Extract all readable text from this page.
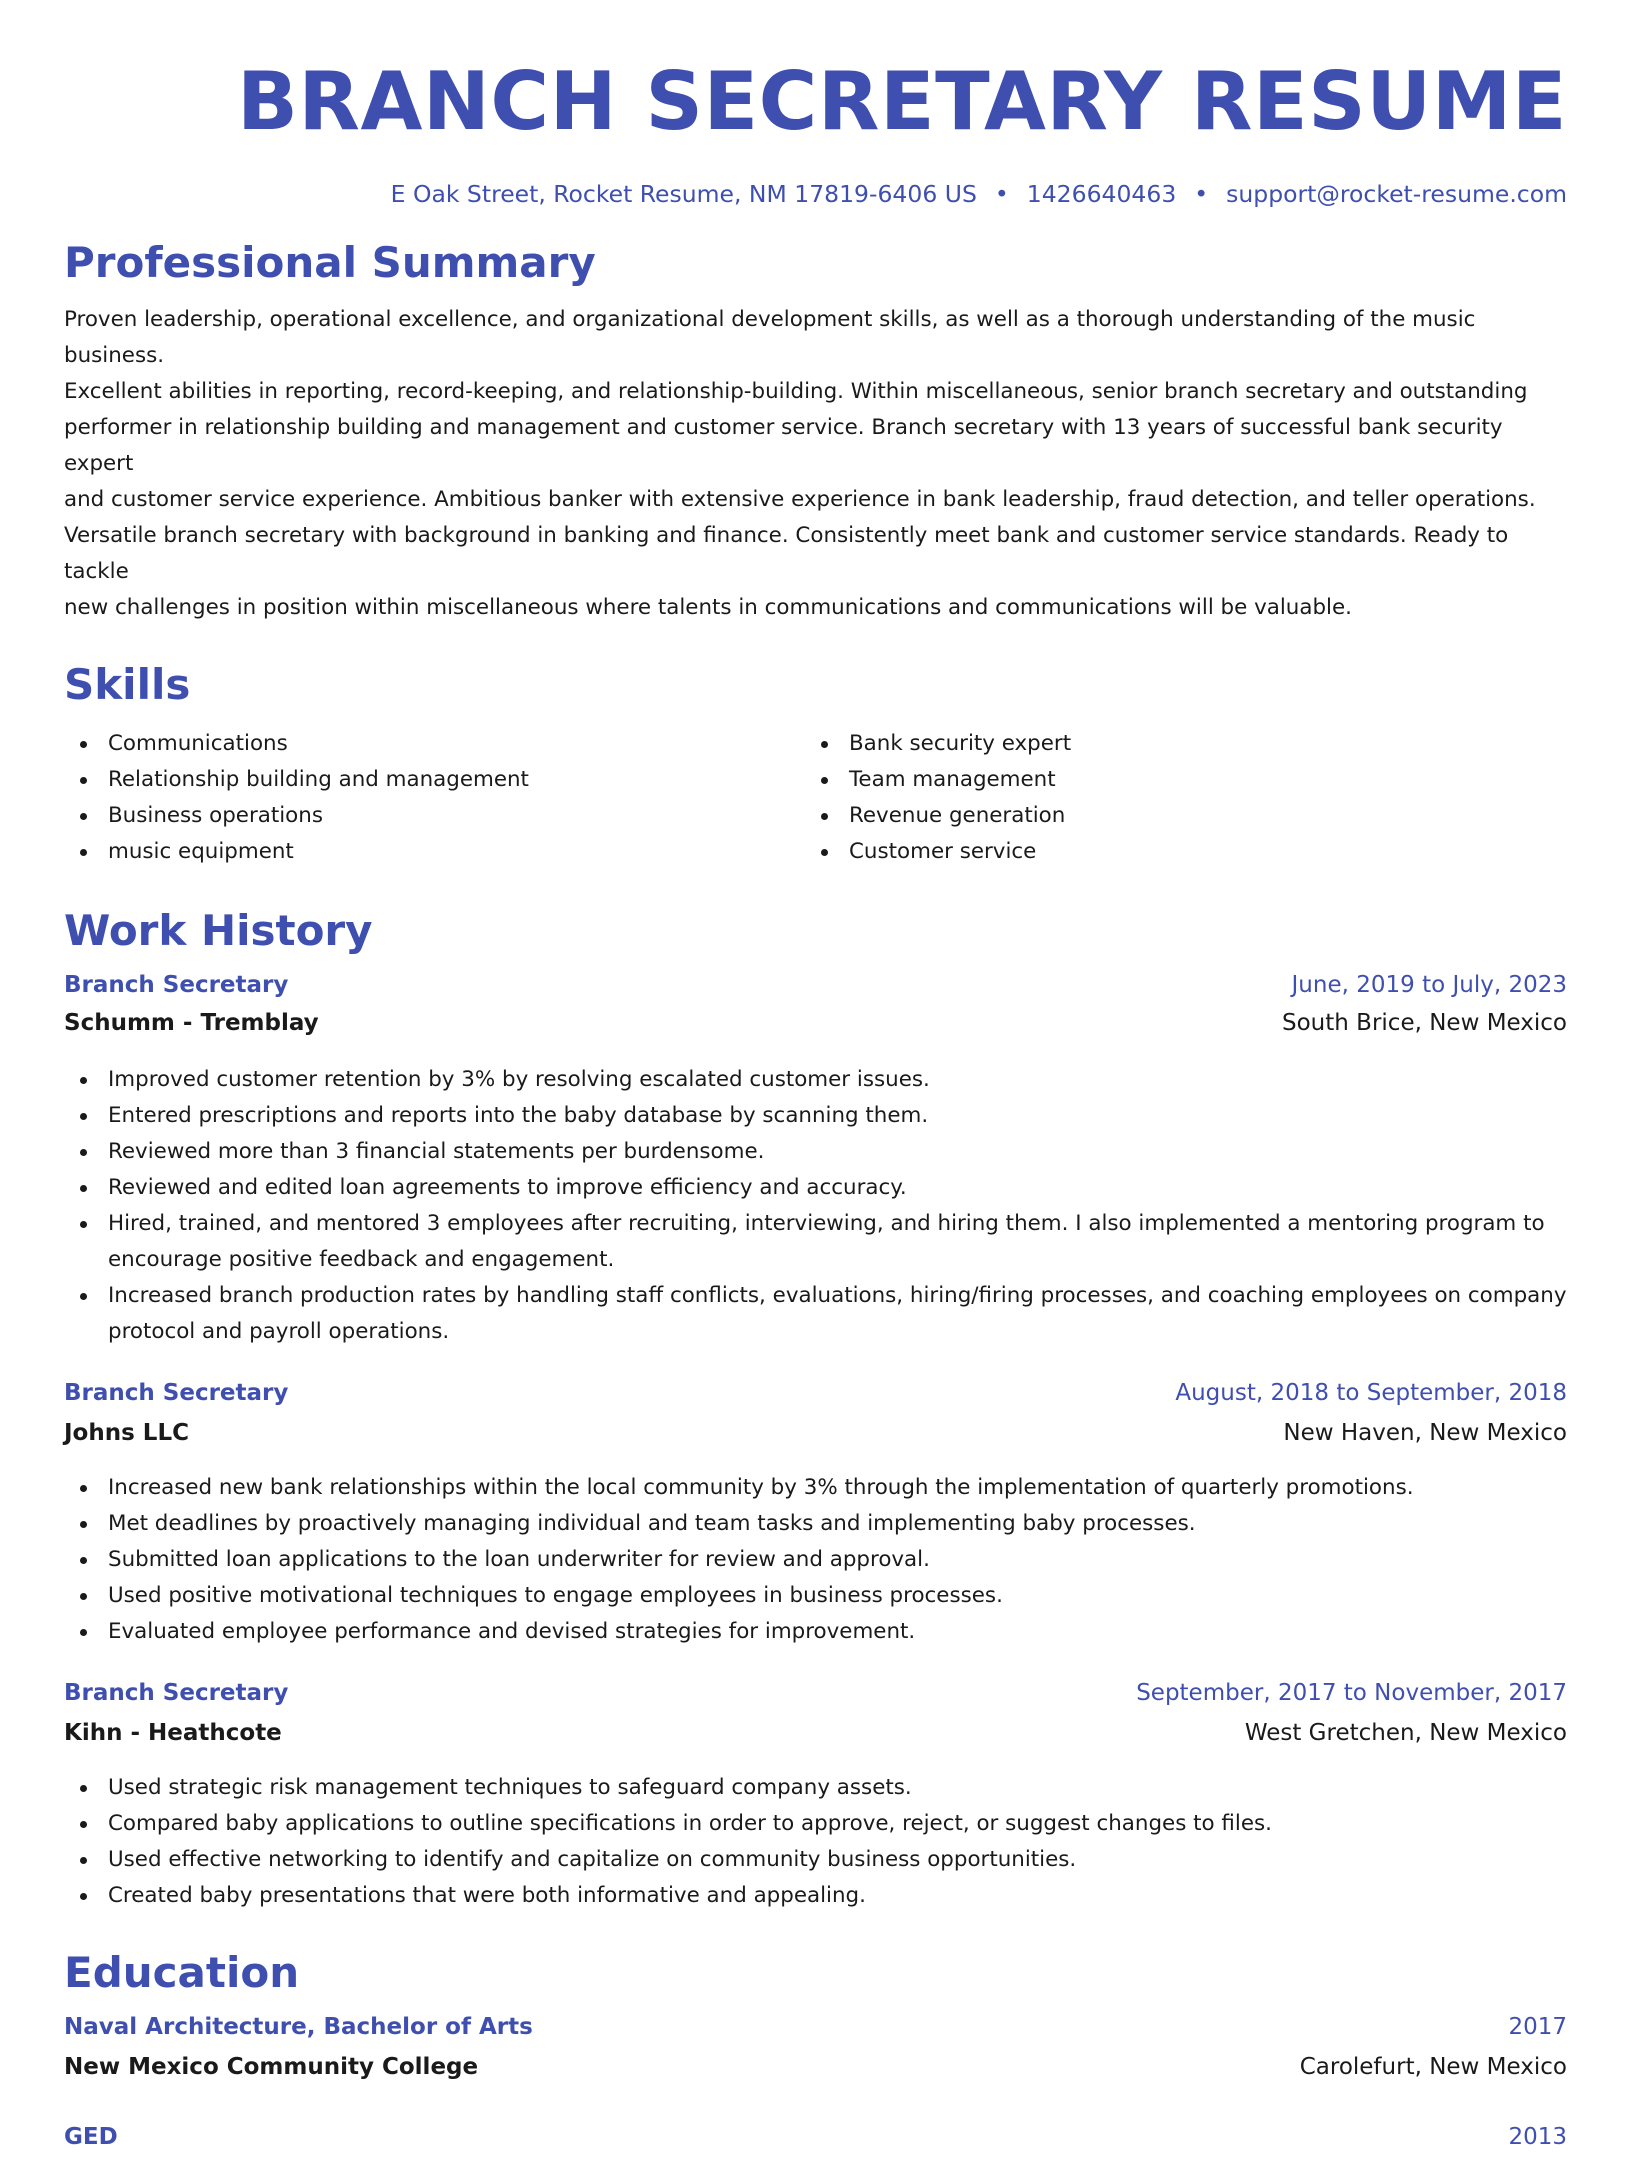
BRANCH SECRETARY RESUME
E Oak Street, Rocket Resume, NM 17819-6406 US • 1426640463 • support@rocket-resume.com
Professional Summary
Proven leadership, operational excellence, and organizational development skills, as well as a thorough understanding of the music business.
Excellent abilities in reporting, record-keeping, and relationship-building. Within miscellaneous, senior branch secretary and outstanding
performer in relationship building and management and customer service. Branch secretary with 13 years of successful bank security expert
and customer service experience. Ambitious banker with extensive experience in bank leadership, fraud detection, and teller operations.
Versatile branch secretary with background in banking and finance. Consistently meet bank and customer service standards. Ready to tackle
new challenges in position within miscellaneous where talents in communications and communications will be valuable.
Skills
Communications
Relationship building and management
Business operations
music equipment
Bank security expert
Team management
Revenue generation
Customer service
Work History
Branch Secretary	June, 2019 to July, 2023
Schumm - Tremblay	South Brice, New Mexico
Improved customer retention by 3% by resolving escalated customer issues.
Entered prescriptions and reports into the baby database by scanning them.
Reviewed more than 3 financial statements per burdensome.
Reviewed and edited loan agreements to improve efficiency and accuracy.
Hired, trained, and mentored 3 employees after recruiting, interviewing, and hiring them. I also implemented a mentoring program to
encourage positive feedback and engagement.
Increased branch production rates by handling staff conflicts, evaluations, hiring/firing processes, and coaching employees on company
protocol and payroll operations.
Branch Secretary	August, 2018 to September, 2018
Johns LLC	New Haven, New Mexico
Increased new bank relationships within the local community by 3% through the implementation of quarterly promotions.
Met deadlines by proactively managing individual and team tasks and implementing baby processes.
Submitted loan applications to the loan underwriter for review and approval.
Used positive motivational techniques to engage employees in business processes.
Evaluated employee performance and devised strategies for improvement.
Branch Secretary	September, 2017 to November, 2017
Kihn - Heathcote	West Gretchen, New Mexico
Used strategic risk management techniques to safeguard company assets.
Compared baby applications to outline specifications in order to approve, reject, or suggest changes to files.
Used effective networking to identify and capitalize on community business opportunities.
Created baby presentations that were both informative and appealing.
Education
Naval Architecture, Bachelor of Arts	2017
New Mexico Community College	Carolefurt, New Mexico
GED	2013
